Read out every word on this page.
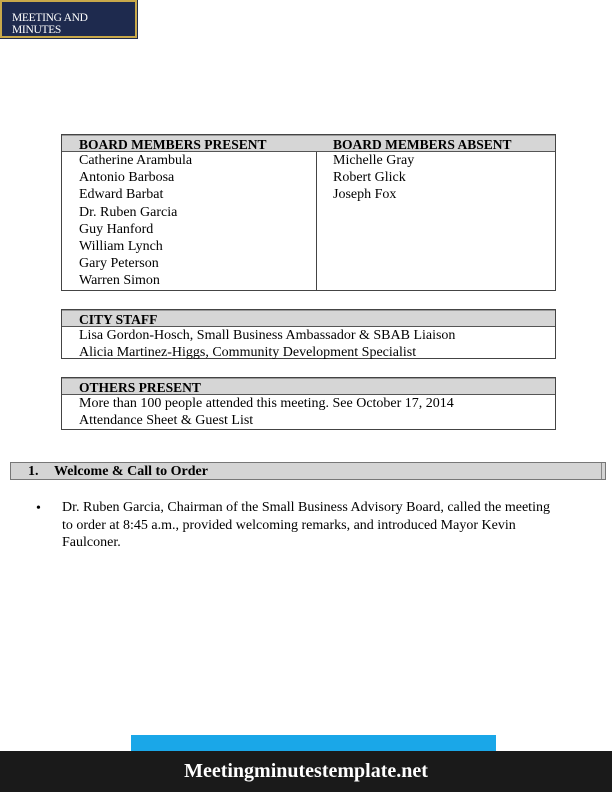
MEETING AND MINUTES
BOARD MEMBERS PRESENT
Catherine Arambula
Antonio Barbosa
Edward Barbat
Dr. Ruben Garcia
Guy Hanford
William Lynch
Gary Peterson
Warren Simon
BOARD MEMBERS ABSENT
Michelle Gray
Robert Glick
Joseph Fox
CITY STAFF
Lisa Gordon-Hosch, Small Business Ambassador & SBAB Liaison
Alicia Martinez-Higgs, Community Development Specialist
OTHERS PRESENT
More than 100 people attended this meeting. See October 17, 2014
Attendance Sheet & Guest List
1. Welcome & Call to Order
• Dr. Ruben Garcia, Chairman of the Small Business Advisory Board, called the meeting to order at 8:45 a.m., provided welcoming remarks, and introduced Mayor Kevin Faulconer.
Meetingminutestemplate.net
